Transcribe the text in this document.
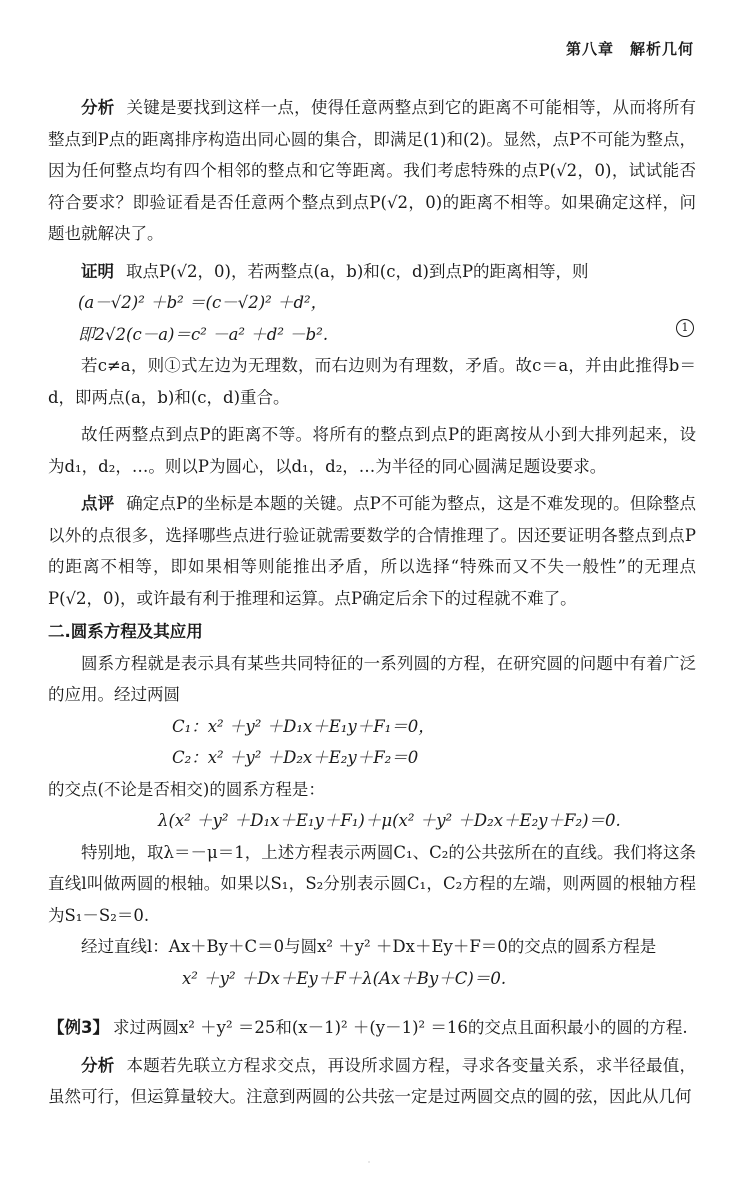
第八章　解析几何

分析 关键是要找到这样一点，使得任意两整点到它的距离不可能相等，从而将所有整点到P点的距离排序构造出同心圆的集合，即满足(1)和(2)。显然，点P不可能为整点，因为任何整点均有四个相邻的整点和它等距离。我们考虑特殊的点P(√2，0)，试试能否符合要求？即验证看是否任意两个整点到点P(√2，0)的距离不相等。如果确定这样，问题也就解决了。

证明 取点P(√2，0)，若两整点(a，b)和(c，d)到点P的距离相等，则

(a－√2)² ＋b² ＝(c－√2)² ＋d²，
即2√2(c－a)＝c² －a² ＋d² －b².	1

若c≠a，则①式左边为无理数，而右边则为有理数，矛盾。故c＝a，并由此推得b＝d，即两点(a，b)和(c，d)重合。

故任两整点到点P的距离不等。将所有的整点到点P的距离按从小到大排列起来，设为d₁，d₂，…。则以P为圆心，以d₁，d₂，…为半径的同心圆满足题设要求。

点评 确定点P的坐标是本题的关键。点P不可能为整点，这是不难发现的。但除整点以外的点很多，选择哪些点进行验证就需要数学的合情推理了。因还要证明各整点到点P的距离不相等，即如果相等则能推出矛盾，所以选择“特殊而又不失一般性”的无理点P(√2，0)，或许最有利于推理和运算。点P确定后余下的过程就不难了。

二.圆系方程及其应用

圆系方程就是表示具有某些共同特征的一系列圆的方程，在研究圆的问题中有着广泛的应用。经过两圆

C₁：x² ＋y² ＋D₁x＋E₁y＋F₁＝0，
C₂：x² ＋y² ＋D₂x＋E₂y＋F₂＝0

的交点(不论是否相交)的圆系方程是：

λ(x² ＋y² ＋D₁x＋E₁y＋F₁)＋μ(x² ＋y² ＋D₂x＋E₂y＋F₂)＝0.

特别地，取λ＝－μ＝1，上述方程表示两圆C₁、C₂的公共弦所在的直线。我们将这条直线l叫做两圆的根轴。如果以S₁，S₂分别表示圆C₁，C₂方程的左端，则两圆的根轴方程为S₁－S₂＝0.

经过直线l：Ax＋By＋C＝0与圆x² ＋y² ＋Dx＋Ey＋F＝0的交点的圆系方程是

x² ＋y² ＋Dx＋Ey＋F＋λ(Ax＋By＋C)＝0.

【例3】 求过两圆x² ＋y² ＝25和(x－1)² ＋(y－1)² ＝16的交点且面积最小的圆的方程.

分析 本题若先联立方程求交点，再设所求圆方程，寻求各变量关系，求半径最值，虽然可行，但运算量较大。注意到两圆的公共弦一定是过两圆交点的圆的弦，因此从几何

·
